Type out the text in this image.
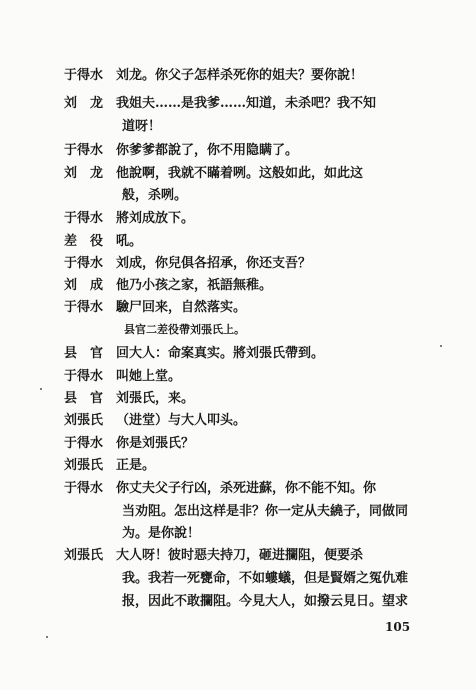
于得水 刘龙。你父子怎样杀死你的姐夫？要你說！
刘　龙 我姐夫……是我爹……知道，未杀吧？我不知
道呀！
于得水 你爹爹都說了，你不用隐瞒了。
刘　龙 他說啊，我就不瞞着咧。这般如此，如此这
般，杀咧。
于得水 將刘成放下。
差　役 吼。
于得水 刘成，你兒俱各招承，你还支吾？
刘　成 他乃小孩之家，祇語無稚。
于得水 驗尸回来，自然落实。
县官二差役帶刘張氏上。
县　官 回大人：命案真实。將刘張氏帶到。
于得水 叫她上堂。
县　官 刘張氏，来。
刘張氏 （进堂）与大人叩头。
于得水 你是刘張氏？
刘張氏 正是。
于得水 你丈夫父子行凶，杀死进蘇，你不能不知。你
当劝阻。怎出这样是非？你一定从夫繞子，同做同
为。是你說！
刘張氏 大人呀！彼时惡夫持刀，砸进攔阻，便要杀
我。我若一死甕命，不如螻蟻，但是賢婿之冤仇难
报，因此不敢攔阻。今見大人，如撥云見日。望求
105
